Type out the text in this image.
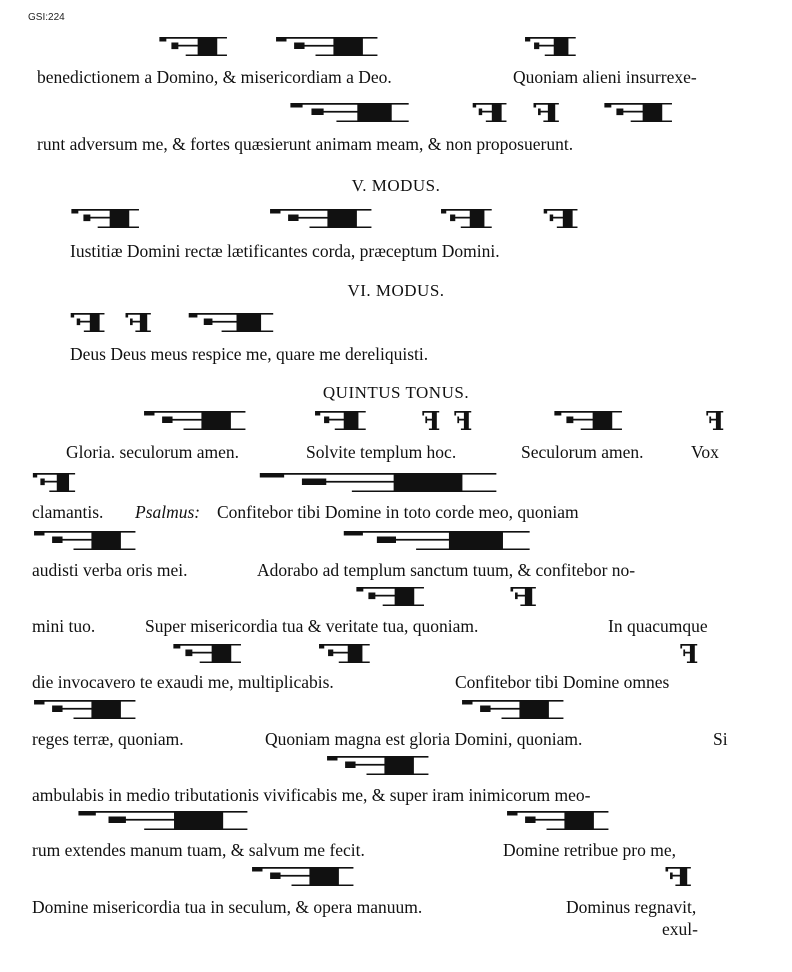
GSI:224
ꟻ ꟻ	ꟻ
benedictionem a Domino, & misericordiam a Deo.	Quoniam alieni insurrexe-
ꟻ ꟻ ꟻ ꟻ
runt adversum me, & fortes quæsierunt animam meam, & non proposuerunt.
V. MODUS.
ꟻ	ꟻ ꟻ ꟻ
Iustitiæ Domini rectæ lætificantes corda, præceptum Domini.
VI. MODUS.
ꟻ ꟻ ꟻ
Deus Deus meus respice me, quare me dereliquisti.
QUINTUS TONUS.
ꟻ ꟻ ꟻ ꟻ	ꟻ	ꟻ
Gloria. seculorum amen.	Solvite templum hoc.	Seculorum amen.	Vox
ꟻ	ꟻ
clamantis. Psalmus: Confitebor tibi Domine in toto corde meo, quoniam
ꟻ	ꟻ
audisti verba oris mei.	Adorabo ad templum sanctum tuum, & confitebor no-
ꟻ	ꟻ
mini tuo.	Super misericordia tua & veritate tua, quoniam.	In quacumque
ꟻ ꟻ	ꟻ
die invocavero te exaudi me, multiplicabis.	Confitebor tibi Domine omnes
ꟻ	ꟻ
reges terræ, quoniam.	Quoniam magna est gloria Domini, quoniam.	Si
ꟻ
ambulabis in medio tributationis vivificabis me, & super iram inimicorum meo-
ꟻ	ꟻ
rum extendes manum tuam, & salvum me fecit.	Domine retribue pro me,
ꟻ	ꟻ
Domine misericordia tua in seculum, & opera manuum.	Dominus regnavit,
exul-
